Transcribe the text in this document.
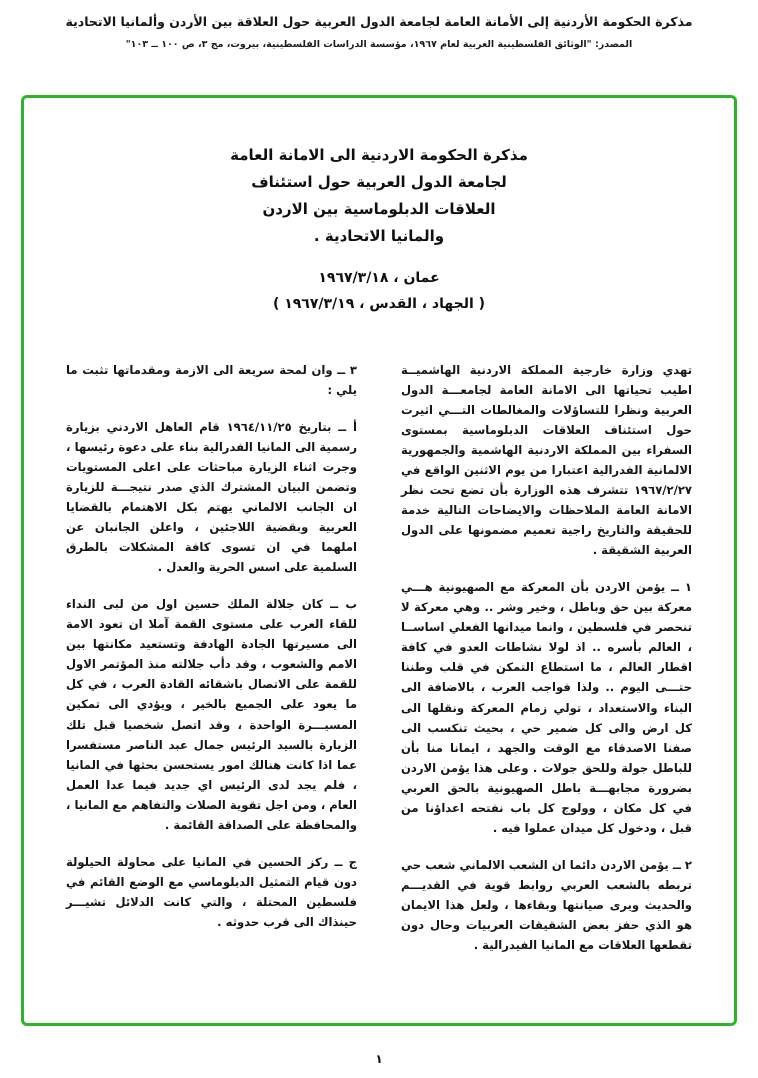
مذكرة الحكومة الأردنية إلى الأمانة العامة لجامعة الدول العربية حول العلاقة بين الأردن وألمانيا الاتحادية
المصدر: "الوثائق الفلسطينية العربية لعام ١٩٦٧، مؤسسة الدراسات الفلسطينية، بيروت، مج ٣، ص ١٠٠ ــ ١٠٣"
مذكرة الحكومة الاردنية الى الامانة العامة
لجامعة الدول العربية حول استئناف
العلاقات الدبلوماسية بين الاردن
والمانيا الاتحادية .
عمان ، ١٩٦٧/٣/١٨
( الجهاد ، القدس ، ١٩٦٧/٣/١٩ )

تهدي وزارة خارجية المملكة الاردنية الهاشميــة اطيب تحياتها الى الامانة العامة لجامعـــة الدول العربية ونظرا للتساؤلات والمغالطات التـــي اثيرت حول استئناف العلاقات الدبلوماسية بمستوى السفراء بين المملكة الاردنية الهاشمية والجمهورية الالمانية الفدرالية اعتبارا من يوم الاثنين الواقع في ١٩٦٧/٢/٢٧ تتشرف هذه الوزارة بأن تضع تحت نظر الامانة العامة الملاحظات والايضاحات التالية خدمة للحقيقة والتاريخ راجية تعميم مضمونها على الدول العربية الشقيقة .

١ ــ يؤمن الاردن بأن المعركة مع الصهيونية هـــي معركة بين حق وباطل ، وخير وشر .. وهي معركة لا تنحصر في فلسطين ، وانما ميدانها الفعلي اساســا ، العالم بأسره .. اذ لولا نشاطات العدو في كافة اقطار العالم ، ما استطاع التمكن في قلب وطننا حتـــى اليوم .. ولذا فواجب العرب ، بالاضافة الى البناء والاستعداد ، تولي زمام المعركة ونقلها الى كل ارض والى كل ضمير حي ، بحيث تنكسب الى صفنا الاصدقاء مع الوقت والجهد ، ايمانا منا بأن للباطل جولة وللحق جولات . وعلى هذا يؤمن الاردن بضرورة مجابهـــة باطل الصهيونية بالحق العربي في كل مكان ، وولوج كل باب نفتحه اعداؤنا من قبل ، ودخول كل ميدان عملوا فيه .

٢ ــ يؤمن الاردن دائما ان الشعب الالماني شعب حي تربطه بالشعب العربي روابط قوية في القديـــم والحديث ويرى صيانتها وبقاءها ، ولعل هذا الايمان هو الذي حفز بعض الشقيقات العربيات وحال دون تقطعها العلاقات مع المانيا الفيدرالية .

٣ ــ وان لمحة سريعة الى الازمة ومقدماتها تثبت ما يلي :

أ ــ بتاريخ ١٩٦٤/١١/٢٥ قام العاهل الاردني بزيارة رسمية الى المانيا الفدرالية بناء على دعوة رئيسها ، وجرت اثناء الزيارة مباحثات على اعلى المستويات وتضمن البيان المشترك الذي صدر نتيجـــة للزيارة ان الجانب الالماني يهتم بكل الاهتمام بالقضايا العربية وبقضية اللاجئين ، واعلن الجانبان عن املهما في ان تسوى كافة المشكلات بالطرق السلمية على اسس الحرية والعدل .

ب ــ كان جلالة الملك حسين اول من لبى النداء للقاء العرب على مستوى القمة آملا ان تعود الامة الى مسيرتها الجادة الهادفة وتستعيد مكانتها بين الامم والشعوب ، وقد دأب جلالته منذ المؤتمر الاول للقمة على الاتصال باشقائه القادة العرب ، في كل ما يعود على الجميع بالخير ، ويؤدي الى تمكين المسيـــرة الواحدة ، وقد اتصل شخصيا قبل تلك الزيارة بالسيد الرئيس جمال عبد الناصر مستفسرا عما اذا كانت هنالك امور يستحسن بحثها في المانيا ، فلم يجد لدى الرئيس اي جديد فيما عدا العمل العام ، ومن اجل تقوية الصلات والتفاهم مع المانيا ، والمحافظة على الصداقة القائمة .

ج ــ ركز الحسين في المانيا على محاولة الحيلولة دون قيام التمثيل الدبلوماسي مع الوضع القائم في فلسطين المحتلة ، والتي كانت الدلائل تشيـــر حينذاك الى قرب حدوثه .

١
